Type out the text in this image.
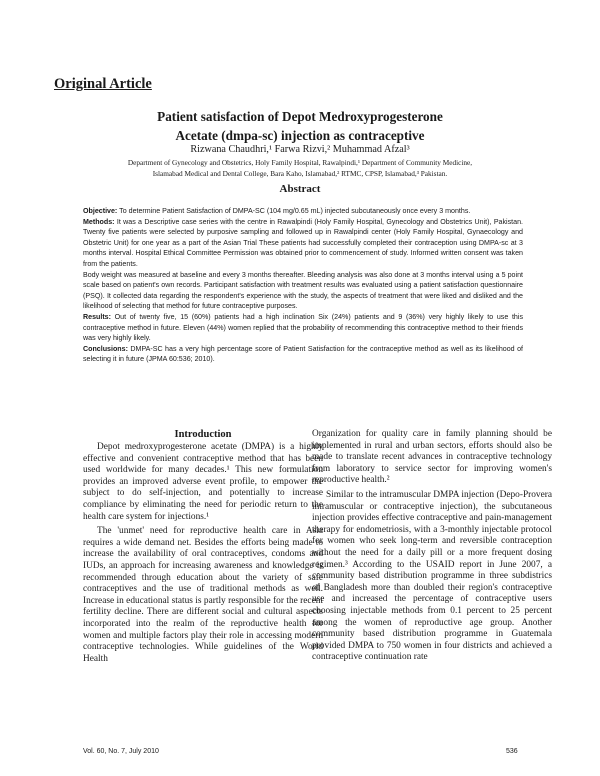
Original Article
Patient satisfaction of Depot Medroxyprogesterone
Acetate (dmpa-sc) injection as contraceptive
Rizwana Chaudhri,¹ Farwa Rizvi,² Muhammad Afzal³
Department of Gynecology and Obstetrics, Holy Family Hospital, Rawalpindi,¹ Department of Community Medicine,
Islamabad Medical and Dental College, Bara Kaho, Islamabad,² RTMC, CPSP, Islamabad,³ Pakistan.
Abstract

Objective: To determine Patient Satisfaction of DMPA-SC (104 mg/0.65 mL) injected subcutaneously once every 3 months.

Methods: It was a Descriptive case series with the centre in Rawalpindi (Holy Family Hospital, Gynecology and Obstetrics Unit), Pakistan. Twenty five patients were selected by purposive sampling and followed up in Rawalpindi center (Holy Family Hospital, Gynaecology and Obstetric Unit) for one year as a part of the Asian Trial These patients had successfully completed their contraception using DMPA-sc at 3 months interval. Hospital Ethical Committee Permission was obtained prior to commencement of study. Informed written consent was taken from the patients.

Body weight was measured at baseline and every 3 months thereafter. Bleeding analysis was also done at 3 months interval using a 5 point scale based on patient's own records. Participant satisfaction with treatment results was evaluated using a patient satisfaction questionnaire (PSQ). It collected data regarding the respondent's experience with the study, the aspects of treatment that were liked and disliked and the likelihood of selecting that method for future contraceptive purposes.

Results: Out of twenty five, 15 (60%) patients had a high inclination Six (24%) patients and 9 (36%) very highly likely to use this contraceptive method in future. Eleven (44%) women replied that the probability of recommending this contraceptive method to their friends was very highly likely.

Conclusions: DMPA-SC has a very high percentage score of Patient Satisfaction for the contraceptive method as well as its likelihood of selecting it in future (JPMA 60:536; 2010).

Introduction

Depot medroxyprogesterone acetate (DMPA) is a highly effective and convenient contraceptive method that has been used worldwide for many decades.¹ This new formulation provides an improved adverse event profile, to empower the subject to do self-injection, and potentially to increase compliance by eliminating the need for periodic return to the health care system for injections.¹

The 'unmet' need for reproductive health care in Asia requires a wide demand net. Besides the efforts being made to increase the availability of oral contraceptives, condoms and IUDs, an approach for increasing awareness and knowledge is recommended through education about the variety of safe contraceptives and the use of traditional methods as well. Increase in educational status is partly responsible for the recent fertility decline. There are different social and cultural aspects incorporated into the realm of the reproductive health for women and multiple factors play their role in accessing modern contraceptive technologies. While guidelines of the World Health

Organization for quality care in family planning should be implemented in rural and urban sectors, efforts should also be made to translate recent advances in contraceptive technology from laboratory to service sector for improving women's reproductive health.²

Similar to the intramuscular DMPA injection (Depo-Provera intramuscular or contraceptive injection), the subcutaneous injection provides effective contraceptive and pain-management therapy for endometriosis, with a 3-monthly injectable protocol for women who seek long-term and reversible contraception without the need for a daily pill or a more frequent dosing regimen.³ According to the USAID report in June 2007, a community based distribution programme in three subdistrics of Bangladesh more than doubled their region's contraceptive use and increased the percentage of contraceptive users choosing injectable methods from 0.1 percent to 25 percent among the women of reproductive age group. Another community based distribution programme in Guatemala provided DMPA to 750 women in four districts and achieved a contraceptive continuation rate

Vol. 60, No. 7, July 2010	536
